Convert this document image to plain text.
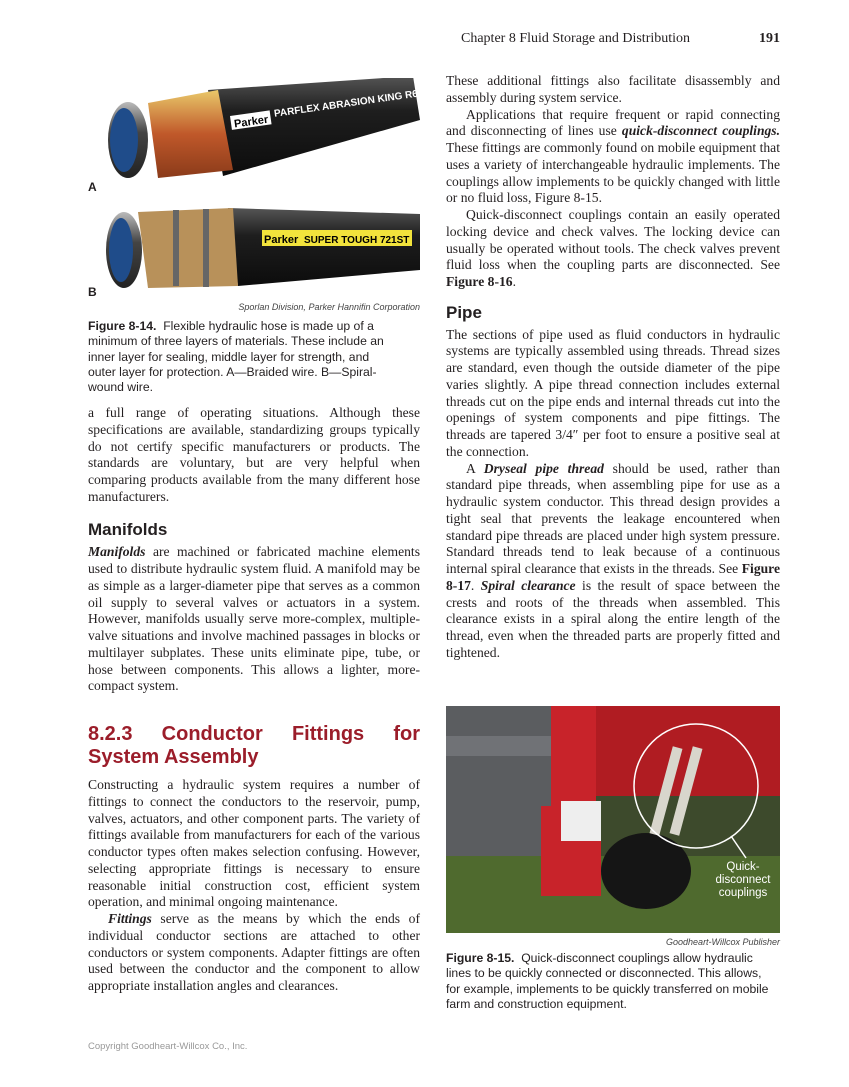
Chapter 8 Fluid Storage and Distribution	191
Parker
PARFLEX ABRASION KING R6
A
Parker SUPER TOUGH 721ST
B
Sporlan Division, Parker Hannifin Corporation
Figure 8-14. Flexible hydraulic hose is made up of a minimum of three layers of materials. These include an inner layer for sealing, middle layer for strength, and outer layer for protection. A—Braided wire. B—Spiral-wound wire.

a full range of operating situations. Although these specifications are available, standardizing groups typically do not certify specific manufacturers or products. The standards are voluntary, but are very helpful when comparing products available from the many different hose manufacturers.

Manifolds

Manifolds are machined or fabricated machine elements used to distribute hydraulic system fluid. A manifold may be as simple as a larger-diameter pipe that serves as a common oil supply to several valves or actuators in a system. However, manifolds usually serve more-complex, multiple-valve situations and involve machined passages in blocks or multilayer subplates. These units eliminate pipe, tube, or hose between components. This allows a lighter, more-compact system.

8.2.3 Conductor Fittings for System Assembly

Constructing a hydraulic system requires a number of fittings to connect the conductors to the reservoir, pump, valves, actuators, and other component parts. The variety of fittings available from manufacturers for each of the various conductor types often makes selection confusing. However, selecting appropriate fittings is necessary to ensure reasonable initial construction cost, efficient system operation, and minimal ongoing maintenance.

Fittings serve as the means by which the ends of individual conductor sections are attached to other conductors or system components. Adapter fittings are often used between the conductor and the component to allow appropriate installation angles and clearances.

These additional fittings also facilitate disassembly and assembly during system service.

Applications that require frequent or rapid connecting and disconnecting of lines use quick-disconnect couplings. These fittings are commonly found on mobile equipment that uses a variety of interchangeable hydraulic implements. The couplings allow implements to be quickly changed with little or no fluid loss, Figure 8-15.

Quick-disconnect couplings contain an easily operated locking device and check valves. The locking device can usually be operated without tools. The check valves prevent fluid loss when the coupling parts are disconnected. See Figure 8-16.

Pipe

The sections of pipe used as fluid conductors in hydraulic systems are typically assembled using threads. Thread sizes are standard, even though the outside diameter of the pipe varies slightly. A pipe thread connection includes external threads cut on the pipe ends and internal threads cut into the openings of system components and pipe fittings. The threads are tapered 3/4″ per foot to ensure a positive seal at the connection.

A Dryseal pipe thread should be used, rather than standard pipe threads, when assembling pipe for use as a hydraulic system conductor. This thread design provides a tight seal that prevents the leakage encountered when standard pipe threads are placed under high system pressure. Standard threads tend to leak because of a continuous internal spiral clearance that exists in the threads. See Figure 8-17. Spiral clearance is the result of space between the crests and roots of the threads when assembled. This clearance exists in a spiral along the entire length of the thread, even when the threaded parts are properly fitted and tightened.

Quick-disconnect couplings
Goodheart-Willcox Publisher
Figure 8-15. Quick-disconnect couplings allow hydraulic lines to be quickly connected or disconnected. This allows, for example, implements to be quickly transferred on mobile farm and construction equipment.
Copyright Goodheart-Willcox Co., Inc.
